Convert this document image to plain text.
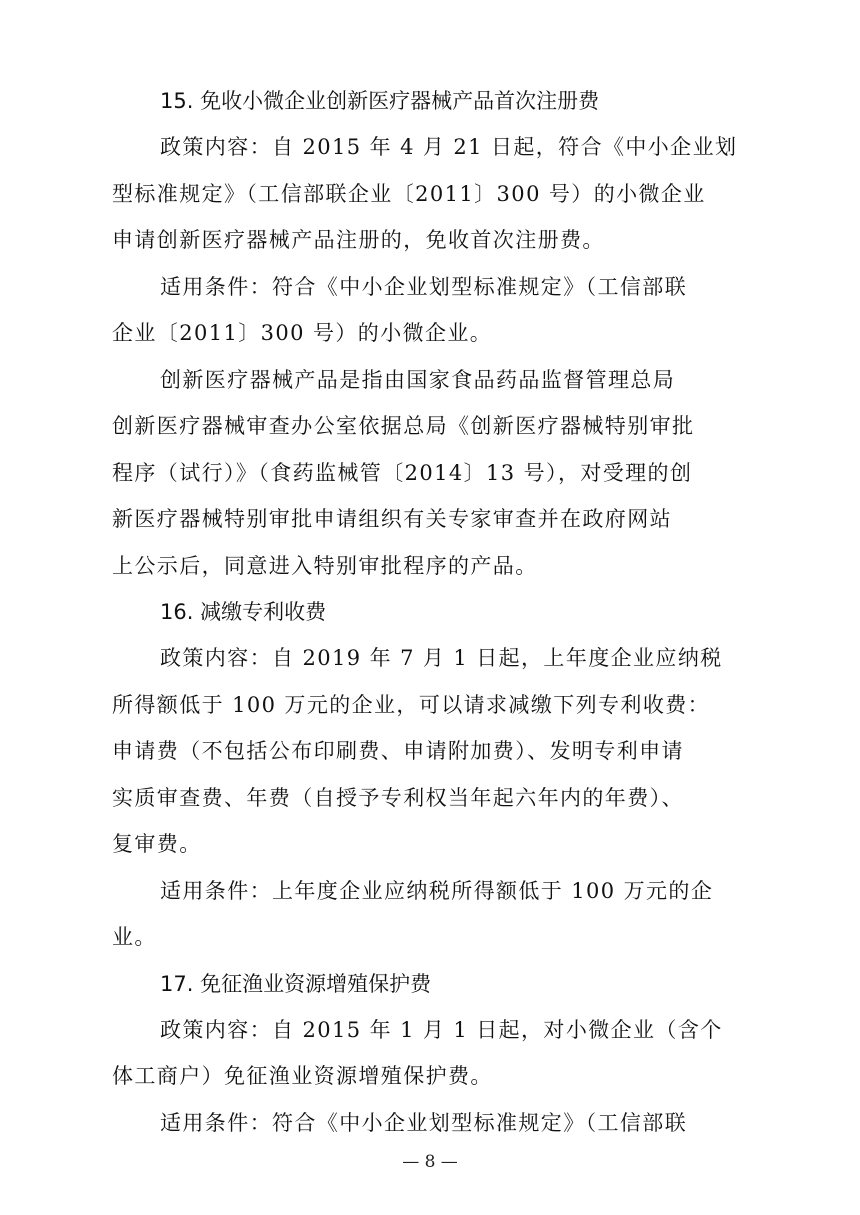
15. 免收小微企业创新医疗器械产品首次注册费

政策内容：自 2015 年 4 月 21 日起，符合《中小企业划
型标准规定》（工信部联企业〔2011〕300 号）的小微企业
申请创新医疗器械产品注册的，免收首次注册费。

适用条件：符合《中小企业划型标准规定》（工信部联
企业〔2011〕300 号）的小微企业。

创新医疗器械产品是指由国家食品药品监督管理总局
创新医疗器械审查办公室依据总局《创新医疗器械特别审批
程序（试行）》（食药监械管〔2014〕13 号），对受理的创
新医疗器械特别审批申请组织有关专家审查并在政府网站
上公示后，同意进入特别审批程序的产品。

16. 减缴专利收费

政策内容：自 2019 年 7 月 1 日起，上年度企业应纳税
所得额低于 100 万元的企业，可以请求减缴下列专利收费：
申请费（不包括公布印刷费、申请附加费）、发明专利申请
实质审查费、年费（自授予专利权当年起六年内的年费）、
复审费。

适用条件：上年度企业应纳税所得额低于 100 万元的企
业。

17. 免征渔业资源增殖保护费

政策内容：自 2015 年 1 月 1 日起，对小微企业（含个
体工商户）免征渔业资源增殖保护费。

适用条件：符合《中小企业划型标准规定》（工信部联

— 8 —
